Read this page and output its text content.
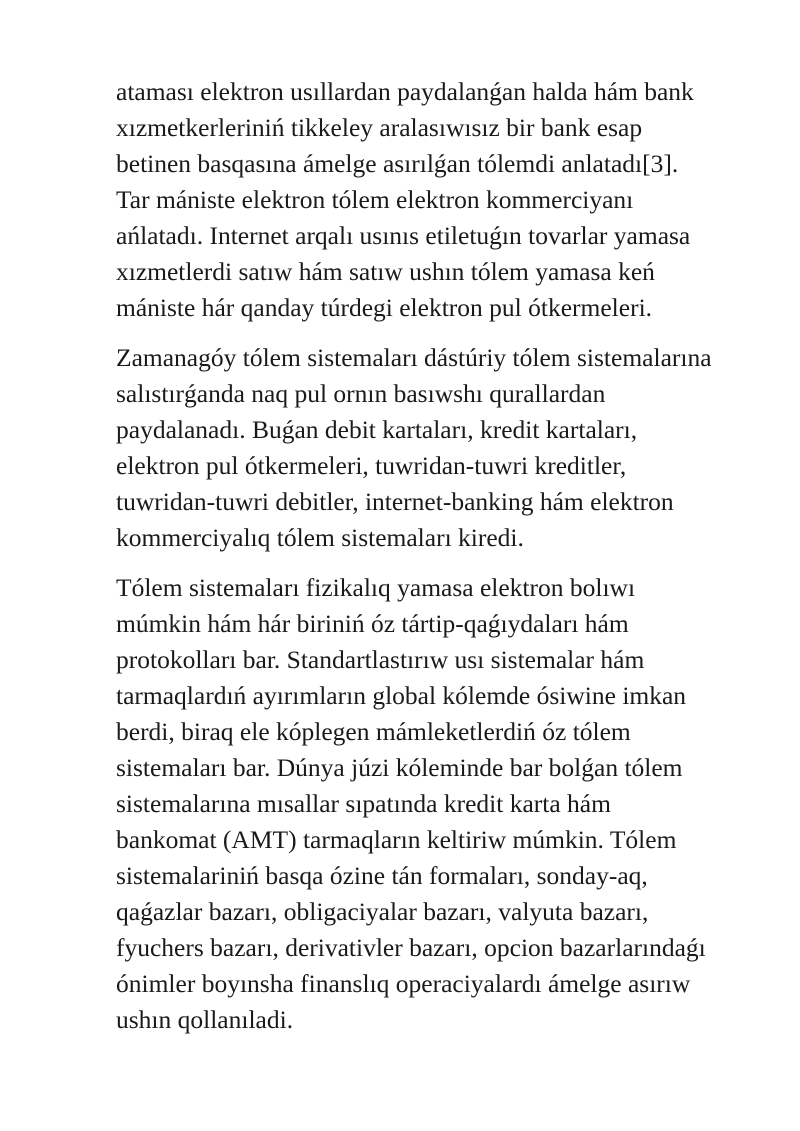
ataması elektron usıllardan paydalanǵan halda hám bank
xızmetkerleriniń tikkeley aralasıwısız bir bank esap
betinen basqasına ámelge asırılǵan tólemdi anlatadı[3].
Tar mániste elektron tólem elektron kommerciyanı
ańlatadı. Internet arqalı usınıs etiletuǵın tovarlar yamasa
xızmetlerdi satıw hám satıw ushın tólem yamasa keń
mániste hár qanday túrdegi elektron pul ótkermeleri.

Zamanagóy tólem sistemaları dástúriy tólem sistemalarına
salıstırǵanda naq pul ornın basıwshı qurallardan
paydalanadı. Buǵan debit kartaları, kredit kartaları,
elektron pul ótkermeleri, tuwridan-tuwri kreditler,
tuwridan-tuwri debitler, internet-banking hám elektron
kommerciyalıq tólem sistemaları kiredi.

Tólem sistemaları fizikalıq yamasa elektron bolıwı
múmkin hám hár biriniń óz tártip-qaǵıydaları hám
protokolları bar. Standartlastırıw usı sistemalar hám
tarmaqlardıń ayırımların global kólemde ósiwine imkan
berdi, biraq ele kóplegen mámleketlerdiń óz tólem
sistemaları bar. Dúnya júzi kóleminde bar bolǵan tólem
sistemalarına mısallar sıpatında kredit karta hám
bankomat (AMT) tarmaqların keltiriw múmkin. Tólem
sistemalariniń basqa ózine tán formaları, sonday-aq,
qaǵazlar bazarı, obligaciyalar bazarı, valyuta bazarı,
fyuchers bazarı, derivativler bazarı, opcion bazarlarındaǵı
ónimler boyınsha finanslıq operaciyalardı ámelge asırıw
ushın qollanıladi.
